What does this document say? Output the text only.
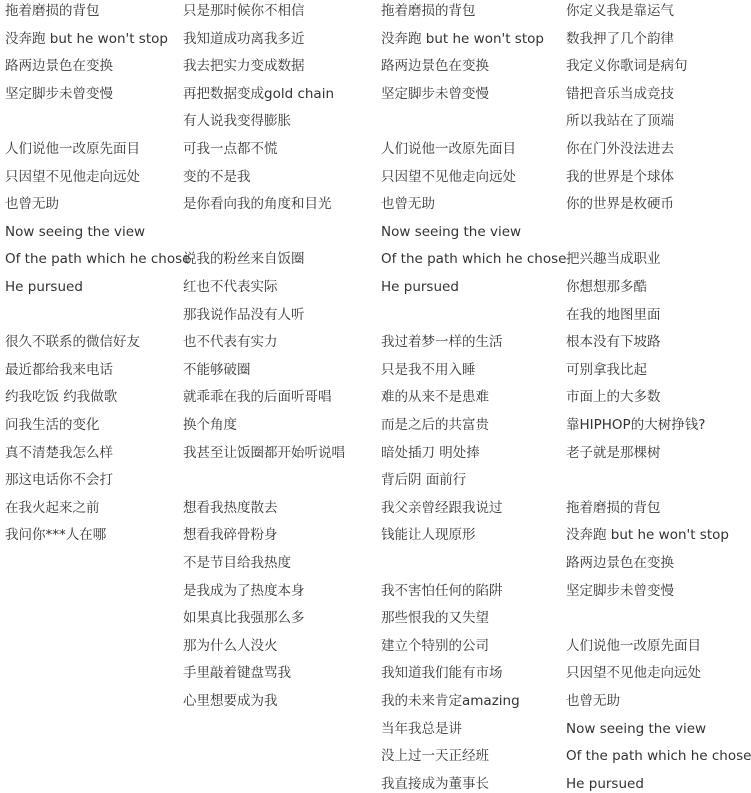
拖着磨损的背包
没奔跑 but he won't stop
路两边景色在变换
坚定脚步未曾变慢
人们说他一改原先面目
只因望不见他走向远处
也曾无助
Now seeing the view
Of the path which he chose
He pursued
很久不联系的微信好友
最近都给我来电话
约我吃饭 约我做歌
问我生活的变化
真不清楚我怎么样
那这电话你不会打
在我火起来之前
我问你***人在哪
只是那时候你不相信
我知道成功离我多近
我去把实力变成数据
再把数据变成gold chain
有人说我变得膨胀
可我一点都不慌
变的不是我
是你看向我的角度和目光
说我的粉丝来自饭圈
红也不代表实际
那我说作品没有人听
也不代表有实力
不能够破圈
就乖乖在我的后面听哥唱
换个角度
我甚至让饭圈都开始听说唱
想看我热度散去
想看我碎骨粉身
不是节目给我热度
是我成为了热度本身
如果真比我强那么多
那为什么人没火
手里敲着键盘骂我
心里想要成为我
拖着磨损的背包
没奔跑 but he won't stop
路两边景色在变换
坚定脚步未曾变慢
人们说他一改原先面目
只因望不见他走向远处
也曾无助
Now seeing the view
Of the path which he chose
He pursued
我过着梦一样的生活
只是我不用入睡
难的从来不是患难
而是之后的共富贵
暗处插刀 明处捧
背后阴 面前行
我父亲曾经跟我说过
钱能让人现原形
我不害怕任何的陷阱
那些恨我的又失望
建立个特别的公司
我知道我们能有市场
我的未来肯定amazing
当年我总是讲
没上过一天正经班
我直接成为董事长
你定义我是靠运气
数我押了几个韵律
我定义你歌词是病句
错把音乐当成竞技
所以我站在了顶端
你在门外没法进去
我的世界是个球体
你的世界是枚硬币
把兴趣当成职业
你想想那多酷
在我的地图里面
根本没有下坡路
可别拿我比起
市面上的大多数
靠HIPHOP的大树挣钱?
老子就是那棵树
拖着磨损的背包
没奔跑 but he won't stop
路两边景色在变换
坚定脚步未曾变慢
人们说他一改原先面目
只因望不见他走向远处
也曾无助
Now seeing the view
Of the path which he chose
He pursued
